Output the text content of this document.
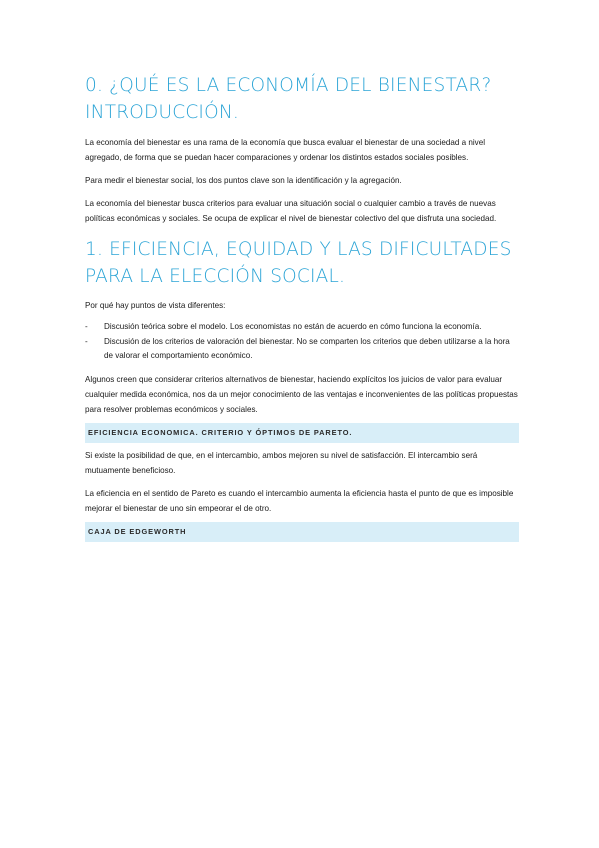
0. ¿QUÉ ES LA ECONOMÍA DEL BIENESTAR?
INTRODUCCIÓN.

La economía del bienestar es una rama de la economía que busca evaluar el bienestar de una sociedad a nivel agregado, de forma que se puedan hacer comparaciones y ordenar los distintos estados sociales posibles.

Para medir el bienestar social, los dos puntos clave son la identificación y la agregación.

La economía del bienestar busca criterios para evaluar una situación social o cualquier cambio a través de nuevas políticas económicas y sociales. Se ocupa de explicar el nivel de bienestar colectivo del que disfruta una sociedad.

1. EFICIENCIA, EQUIDAD Y LAS DIFICULTADES
PARA LA ELECCIÓN SOCIAL.

Por qué hay puntos de vista diferentes:

- Discusión teórica sobre el modelo. Los economistas no están de acuerdo en cómo funciona la economía.
- Discusión de los criterios de valoración del bienestar. No se comparten los criterios que deben utilizarse a la hora de valorar el comportamiento económico.

Algunos creen que considerar criterios alternativos de bienestar, haciendo explícitos los juicios de valor para evaluar cualquier medida económica, nos da un mejor conocimiento de las ventajas e inconvenientes de las políticas propuestas para resolver problemas económicos y sociales.

EFICIENCIA ECONOMICA. CRITERIO Y ÓPTIMOS DE PARETO.

Si existe la posibilidad de que, en el intercambio, ambos mejoren su nivel de satisfacción. El intercambio será mutuamente beneficioso.

La eficiencia en el sentido de Pareto es cuando el intercambio aumenta la eficiencia hasta el punto de que es imposible mejorar el bienestar de uno sin empeorar el de otro.

CAJA DE EDGEWORTH
